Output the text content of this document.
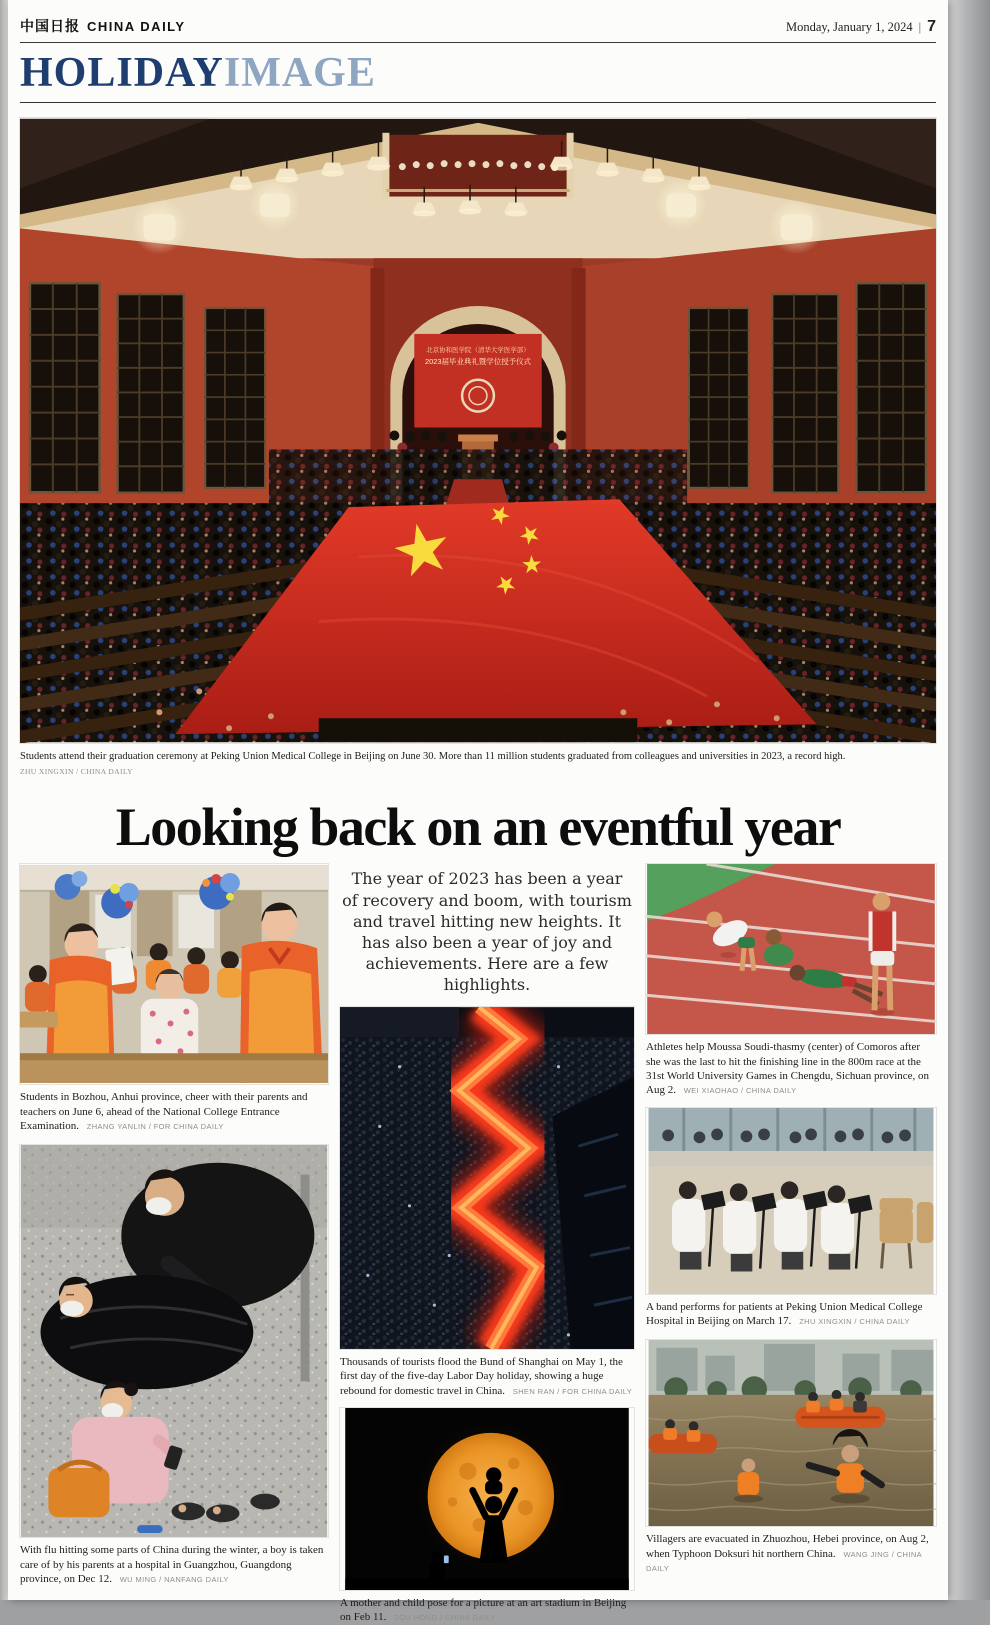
中国日报 CHINA DAILY	Monday, January 1, 2024 | 7
HOLIDAYIMAGE
北京协和医学院（清华大学医学部）
2023届毕业典礼暨学位授予仪式
Students attend their graduation ceremony at Peking Union Medical College in Beijing on June 30. More than 11 million students graduated from colleagues and universities in 2023, a record high.
ZHU XINGXIN / CHINA DAILY
Looking back on an eventful year
Students in Bozhou, Anhui province, cheer with their parents and teachers on June 6, ahead of the National College Entrance Examination. ZHANG YANLIN / FOR CHINA DAILY
With flu hitting some parts of China during the winter, a boy is taken care of by his parents at a hospital in Guangzhou, Guangdong province, on Dec 12. WU MING / NANFANG DAILY

The year of 2023 has been a year of recovery and boom, with tourism and travel hitting new heights. It has also been a year of joy and achievements. Here are a few highlights.

Thousands of tourists flood the Bund of Shanghai on May 1, the first day of the five-day Labor Day holiday, showing a huge rebound for domestic travel in China. SHEN RAN / FOR CHINA DAILY
A mother and child pose for a picture at an art stadium in Beijing on Feb 11. ZOU HONG / CHINA DAILY
Athletes help Moussa Soudi-thasmy (center) of Comoros after she was the last to hit the finishing line in the 800m race at the 31st World University Games in Chengdu, Sichuan province, on Aug 2. WEI XIAOHAO / CHINA DAILY
A band performs for patients at Peking Union Medical College Hospital in Beijing on March 17. ZHU XINGXIN / CHINA DAILY
Villagers are evacuated in Zhuozhou, Hebei province, on Aug 2, when Typhoon Doksuri hit northern China. WANG JING / CHINA DAILY
